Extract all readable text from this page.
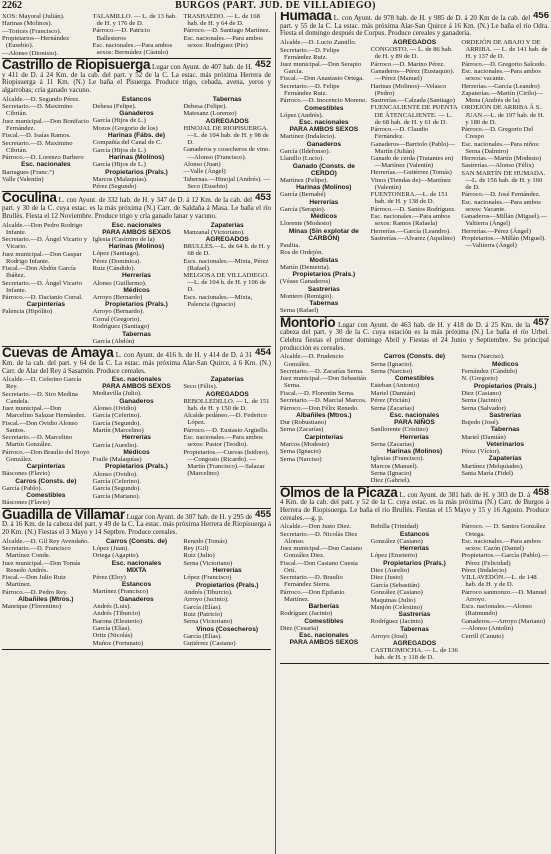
2262	BURGOS (PART. JUD. DE VILLADIEGO)
XOS: Mayoral (Julián).
Harinas (Molinos).
—Torices (Francisco).
Propietarios—Hernández (Eusebio).
—Alonso (Dionisio).
TALAMILLO. — L. de 13 hab. de H. y 176 de D.
Párroco.—D. Patricio Ballesteros
Esc. nacionales.—Para ambos sexos: Bermúdez (Cástulo)
TRASHAEDO. — L. de 168 hab. de H. y 64 de D.
Párroco.—D. Santiago Martínez.
Esc. nacionales.—Para ambos sexos: Rodríguez (Pío)

452
Castrillo de Riopisuerga Lugar con Ayunt. de 407 hab. de H. y 411 de D. á 24 Km. de la cab. del part. y 52 de la C. La estac. más próxima Herrera de Riopisuerga á 11 Km. (N.) Le baña el Pisuerga. Produce trigo, cebada, avena, yeros y algarrobas; cría ganado vacuno.

Alcalde.—D. Segundo Pérez.
Secretario.—D. Maximino Cibrián.
Juez municipal.—Don Bonifacio Fernández.
Fiscal.—D. Isaías Ramos.
Secretario.—D. Maximino Cibrián.
Párroco.—D. Lorenzo Barbero
Esc. nacionales
Barragues (Franc.°)
Valle (Valentín)
Estancos
Dehesa (Felipe).
Ganaderos
García (Hijos de L.)
Mozos (Gregorio de los)
Harinas (Fábs. de)
Compañía del Canal de C.
García (Hijos de L.)
Harinas (Molinos)
García (Hijos de L.)
Propietarios (Prals.)
Marcos (Malaquías).
Pérez (Segundo)
Tabernas
Dehesa (Felipe).
Matesanz (Lorenzo)
AGREGADOS
HINOJAL DE RIOPISUERGA.—L. de 104 hab. de H. y 98 de D.
Ganaderos y cosecheros de vino.—Alonso (Francisco).
Alonso (Juan)
—Valle (Ángel)
Tabernas.—Hinojal (Andrés). — Seco (Eusebio)

453
Coculina L. con Ayunt. de 332 hab. de H. y 347 de D. á 12 Km. de la cab. del part. y 30 de la C. cuya estac. es la más próxima (N.) Carr. de Saldaña á Masa. Le baña el río Brullés. Fiesta el 12 Noviembre. Produce trigo y cría ganado lanar y vacuno.

Alcalde.—Don Pedro Rodrigo Infante.
Secretario.—D. Ángel Vicario y Vicario.
Juez municipal.—Don Gaspar Rodrigo Infante.
Fiscal.—Don Abdón García Ibáñez.
Secretario.—D. Ángel Vicario Infante.
Párroco.—D. Dacianio Corral.
Carpinterías
Palencia (Hipólito)
Esc. nacionales
PARA AMBOS SEXOS
Iglesia (Casimiro de la)
Harinas (Molinos)
López (Santiago).
Pérez (Dominica).
Ruiz (Cándido).
Herrerías
Alonso (Guillermo).
Médicos
Arroyo (Bernardo)
Propietarios (Prals.)
Arroyo (Bernardo).
Corral (Gregorio).
Rodríguez (Santiago)
Tabernas
García (Abdón)
Zapaterías
Manzanal (Victoriano).
AGREGADOS
BRULLÉS.—L. de 64 h. de H. y 68 de D.
Escs. nacionales.—Mixta, Pérez (Rafael).
MELGOSA DE VILLADIEGO.—L. de 104 h. de H. y 106 de D.
Escs. nacionales.—Mixta, Palencia (Ignacio)

454
Cuevas de Amaya L. con Ayunt. de 416 h. de H. y 414 de D. á 31 Km. de la cab. del part. y 64 de la C. La estac. más próxima Alar-San Quirce, á 6 Km. (N.) Carr. de Alar del Rey á Sasamón. Produce cereales.

Alcalde.—D. Ceferino García Rey.
Secretario.—D. Siro Medina Candela.
Juez municipal.—Don Marcelino Salazar Hernández.
Fiscal.—Don Ovidio Alonso Santos.
Secretario.—D. Marcelino Martín González.
Párroco.—Don Braulio del Hoyo González.
Carpinterías
Báscones (Flavio)
Carros (Consts. de)
García (Pablo).
Comestibles
Báscones (Flavio)
Esc. nacionales
PARA AMBOS SEXOS
Mediavilla (Julio).
Ganaderos
Alonso (Ovidio)
García (Ceferino).
García (Segundo).
Martín (Marcelino)
Herrerías
García (Aurelio).
Médicos
Fraile (Malaquías)
Propietarios (Prals.)
Alonso (Ovidio).
García (Ceferino).
García (Segundo).
García (Mariano).
Zapaterías
Seco (Félix).
AGREGADOS
REBOLLEDILLO. — L. de 151 hab. de H. y 150 de D.
Alcalde pedáneo.—D. Federico López.
Párroco.—D. Eustasio Argüello.
Esc. nacionales.—Para ambos sexos: Pastor (Teodio).
Propietarios.—Cuevas (Isidoro).—Congosto (Ricardo). — Martín (Francisco).—Salazar (Marcelino)

455
Guadilla de Villamar Lugar con Ayunt. de 307 hab. de H. y 295 de D. á 16 Km. de la cabeza del part. y 49 de la C. La estac. más próxima Herrera de Riopisuerga á 20 Km. (N.) Fiestas el 3 Mayo y 14 Septbre. Produce cereales.

Alcalde.—D. Gil Rey Avendaño.
Secretario.—D. Francisco Martínez Conde.
Juez municipal.—Don Tomás Renedo Andrés.
Fiscal.—Don Julio Ruiz Martínez.
Párroco.—D. Pedro Rey.
Albañiles (Mtros.)
Manrique (Florentino)
Carros (Consts. de)
López (Juan).
Ortega (Agapito).
Esc. nacionales
MIXTA
Pérez (Eloy)
Estancos
Martínez (Francisco)
Ganaderos
Andrés (Luis).
Andrés (Tiburcio)
Barona (Eleuterio)
García (Elías).
Ortiz (Nicolás)
Muñoz (Fortunato)
Renedo (Tomás)
Rey (Gil)
Ruiz (Julio)
Serna (Victoriano)
Herrerías
López (Francisco)
Propietarios (Prals.)
Andrés (Tiburcio).
Arroyo (Jacinto).
García (Elías).
Ruiz (Patricio)
Serna (Victoriano)
Vinos (Cosecheros)
García (Elías).
Gutiérrez (Casiano)

456
Humada L. con Ayunt. de 978 hab. de H. y 985 de D. á 20 Km de la cab. del part. y 55 de la C. La estac. más próxima Alar-San Quirce á 16 Km. (N.) Le baña el río Odra. Fiesta el domingo después de Corpus. Produce cereales y ganadería.

Alcalde.—D. Lucio Zamillo.
Secretario.—D. Felipe Fernández Ruiz.
Juez municipal.—Don Serapio García.
Fiscal.—Don Anastasio Ortega.
Secretario.—D. Felipe Fernández Ruiz.
Párroco.—D. Inocencio Moreno.
Comestibles
López (Andrés).
Esc. nacionales
PARA AMBOS SEXOS
Martínez (Indalecio).
Ganaderos
García (Ildefonso).
Llanillo (Lucio).
Ganado (Consts. de CERDO)
Martínez (Felipe).
Harinas (Molinos)
García (Bernabé)
Herrerías
García (Serapio).
Médicos
Llorente (Modesto)
Minas (Sin explotar de CARBÓN)
Paulita.
Ros de Ordejón.
Modistas
Martín (Demetria).
Propietarios (Prals.)
(Véase Ganaderos)
Sastrerías
Montero (Remigio).
Tabernas
Serna (Rafael)
AGREGADOS
CONGOSTO. — L. de 86 hab. de H. y 89 de D.
Párroco.—D. Marino Pérez.
Ganaderos—Pérez (Eustaquio).—Pérez (Manuel)
Harinas (Molinos)—Velasco (Pedro)
Sastrerías.—Calzada (Santiago)
FUENCALIENTE DE PUENTA DE ÁTENCALIENTE. — L. de 68 hab. de H. y 61 de D.
Párroco.—D. Claudio Fernández.
Ganaderos—Barriolo (Pablo)—Martín (Julián)
Ganado de cerda (Tratantes en)—Martínez (Valentín)
Herrerías.—Gutiérrez (Tomás)
Vinos (Tiendas de)—Martínez (Valentín)
FUENTONERA.—L. de 151 hab. de H. y 138 de D.
Párroco.—D. Santos Rodríguez.
Esc. nacionales.—Para ambos sexos: Ramos (Rafaela)
Herrerías.—García (Leandro).
Sastrerías.—Alvarez (Aquilino)
ORDEJÓN DE ABAJO Y DE ARRIBA. — L. de 141 hab. de H. y 137 de D.
Párroco.—D. Gregorio Salcedo.
Esc. nacionales.—Para ambos sexos: vacante.
Herrerías.—García (Leandro)
Zapaterías.—Martín (Cirilo)—Mena (Andrés de la)
ORDEJÓN DE ARRIBA Á S. JUAN.—L. de 197 hab. de H. y 180 de D.
Párroco.—D. Gregorio Del Crespo
Esc. nacionales.—Para niños: Serna (Dalmiro)
Herrerías.—Martín (Modesto)
Sastrerías.—Alonso (Félix)
SAN MARTÍN DE HUMADA.—L. de 156 hab. de H. y 160 de D.
Párroco.—D. José Fernández.
Esc. nacionales.—Para ambos sexos: Vacante.
Ganaderos—Millán (Miguel).—Valtierra (Ángel)
Herrerías.—Pérez (Ángel)
Propietarios.—Millán (Miguel).—Valtierra (Ángel)

457
Montorio Lugar con Ayunt. de 463 hab. de H. y 418 de D. á 25 Km. de la cabeza del part. y 30 de la C. cuya estación es la más próxima (N.) Le baña el río Urbel. Celebra fiestas el primer domingo Abril y Fiestas el 24 Junio y Septiembre. Su principal producción es cereales.

Alcalde.—D. Prudencio González.
Secretario.—D. Zacarías Serna.
Juez municipal.—Don Sebastián Serna.
Fiscal.—D. Florentin Serna.
Secretario.—D. Marcial Marcos.
Párroco.—Don Félix Renedo.
Albañiles (Mtros.)
Dur (Robustiano)
Serna (Zacarías)
Carpinterías
Marcos (Modesto)
Serna (Ignacio)
Serna (Narciso)
Carros (Consts. de)
Serna (Ignacio).
Serna (Narciso)
Comestibles
Esteban (Antonio)
Mariel (Damián)
Pérez (Fricián)
Serna (Zacarías)
Esc. nacionales
PARA NIÑOS
Sanllorente (Cristino)
Herrerías
Serna (Zacarías)
Harinas (Molinos)
Iglesias (Francisco).
Marcos (Manuel).
Serna (Ignacio)
Diez (Gabriel).
Serna (Narciso).
Médicos
Fernández (Cándido)
N. (Gregorio)
Propietarios (Prals.)
Diez (Casiano)
Serna (Jacinto)
Serna (Salvador)
Sastrerías
Bujedo (José).
Tabernas
Mariel (Damián)
Veterinarios
Pérez (Víctor).
Zapaterías
Martínez (Melquiades).
Santa María (Fidel)

458
Olmos de la Picaza L. con Ayunt. de 381 hab. de H. y 303 de D. á 4 Km. de la cab. del part. y 52 de la C. cuya estac. es la más próxima (N.) Carr. de Burgos á Herrera de Riopisuerga. Le baña el río Brullés. Fiestas el 15 Mayo y 15 y 16 Agosto. Produce cereales.—g. p.

Alcalde.—Don Justo Diez.
Secretario.—D. Nicolás Diez Alonso.
Juez municipal.—Don Casiano González Diez.
Fiscal.—Don Casiano Cuesta Ortí.
Secretario.—D. Braulio Fernández Sierra.
Párroco.—Don Epifanio Martínez.
Barberías
Rodríguez (Jacinto)
Comestibles
Diez (Cesaria)
Esc. nacionales
PARA AMBOS SEXOS
Rebilla (Trinidad)
Estancos
González (Casiano)
Herrerías
López (Emeterio)
Propietarios (Prals.)
Diez (Aurelio)
Diez (Justo)
García (Sebastián)
González (Casiano)
Maquinas (Julio)
Manjón (Celestino)
Sastrerías
Rodríguez (Jacinto)
Tabernas
Arroyo (José)
AGREGADOS
CASTROMOCHA. — L. de 136 hab. de H. y 118 de D.
Párroco. — D. Santos González Ortega.
Esc. nacionales.—Para ambos sexos: Cazón (Daniel)
Propietarios.—García (Pablo).—Pérez (Felicidad)
Pérez (Indalecio)
VILLAVEDÓN.—L. de 148 hab. de H. y de D.
Párroco sanmonzo.—D. Manuel Arroyo.
Escs. nacionales.—Alonso (Raimundo)
Ganaderos.—Arroyo (Mariano)
—Alonso (Antolín)
Cerrill (Canuto)
